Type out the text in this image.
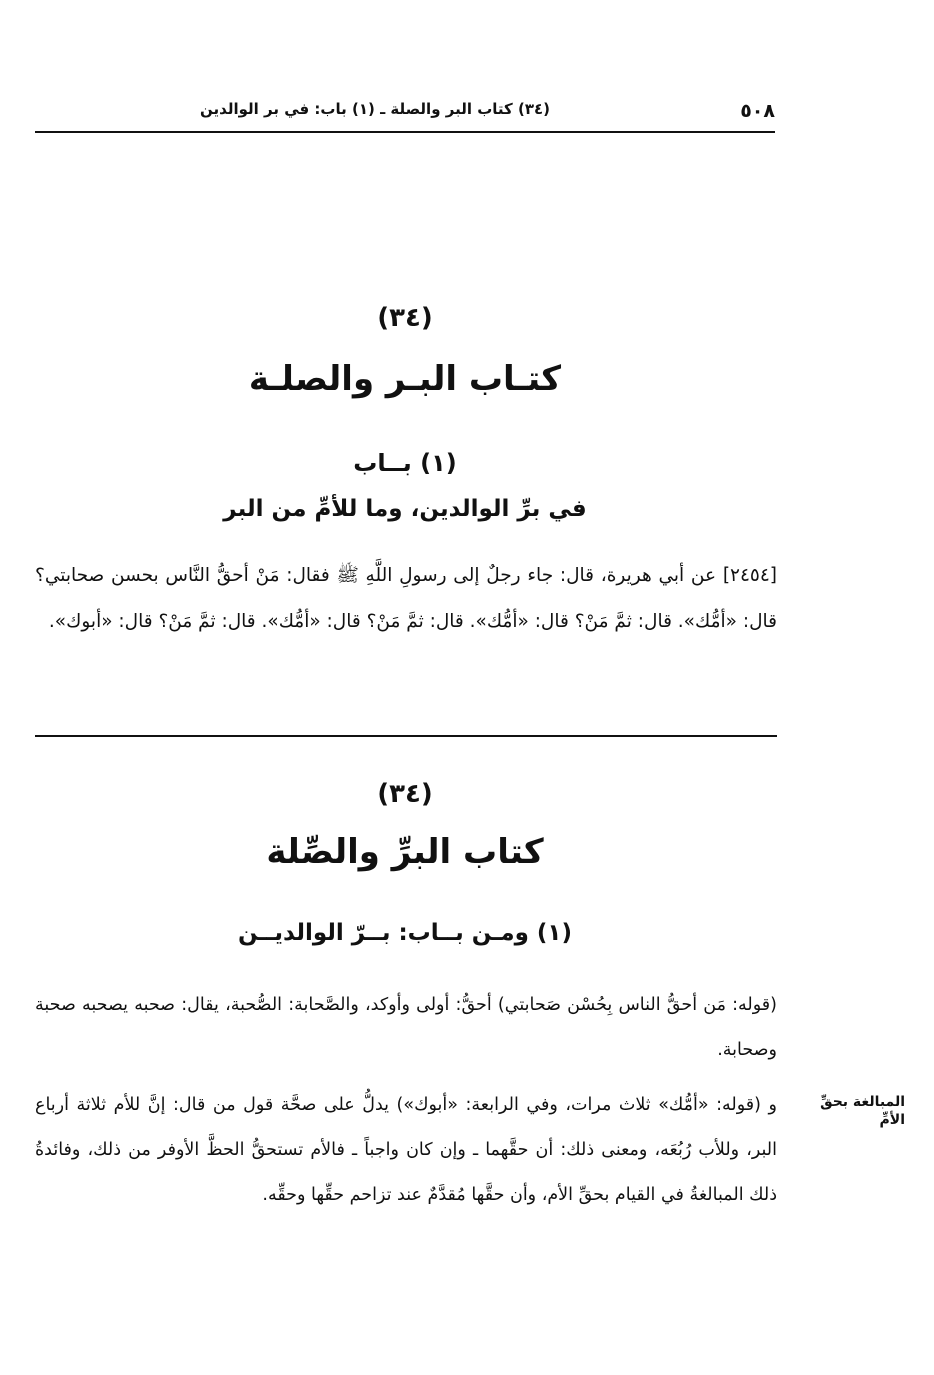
٥٠٨
(٣٤) كتاب البر والصلة ـ (١) باب: في بر الوالدين
(٣٤)
كتـاب البـر والصلـة
(١) بــاب
في برِّ الوالدين، وما للأمِّ من البر
[٢٤٥٤] عن أبي هريرة، قال: جاء رجلٌ إلى رسولِ اللَّهِ ﷺ فقال: مَنْ أحقُّ النَّاس بحسن صحابتي؟ قال: «أمُّك». قال: ثمَّ مَنْ؟ قال: «أمُّك». قال: ثمَّ مَنْ؟ قال: «أمُّك». قال: ثمَّ مَنْ؟ قال: «أبوك».
(٣٤)
كتاب البرِّ والصِّلة
(١) ومـن بــاب: بــرّ الوالديــن
(قوله: مَن أحقُّ الناس بِحُسْن صَحابتي) أحقُّ: أولى وأوكد، والصَّحابة: الصُّحبة، يقال: صحبه يصحبه صحبة وصحابة.
و (قوله: «أمُّك» ثلاث مرات، وفي الرابعة: «أبوك») يدلُّ على صحَّة قول من قال: إنَّ للأم ثلاثة أرباع البر، وللأب رُبُعَه، ومعنى ذلك: أن حقَّهما ـ وإن كان واجباً ـ فالأم تستحقُّ الحظَّ الأوفر من ذلك، وفائدةُ ذلك المبالغةُ في القيام بحقِّ الأم، وأن حقَّها مُقدَّمٌ عند تزاحم حقِّها وحقِّه.
المبالغة بحقِّ الأمِّ
